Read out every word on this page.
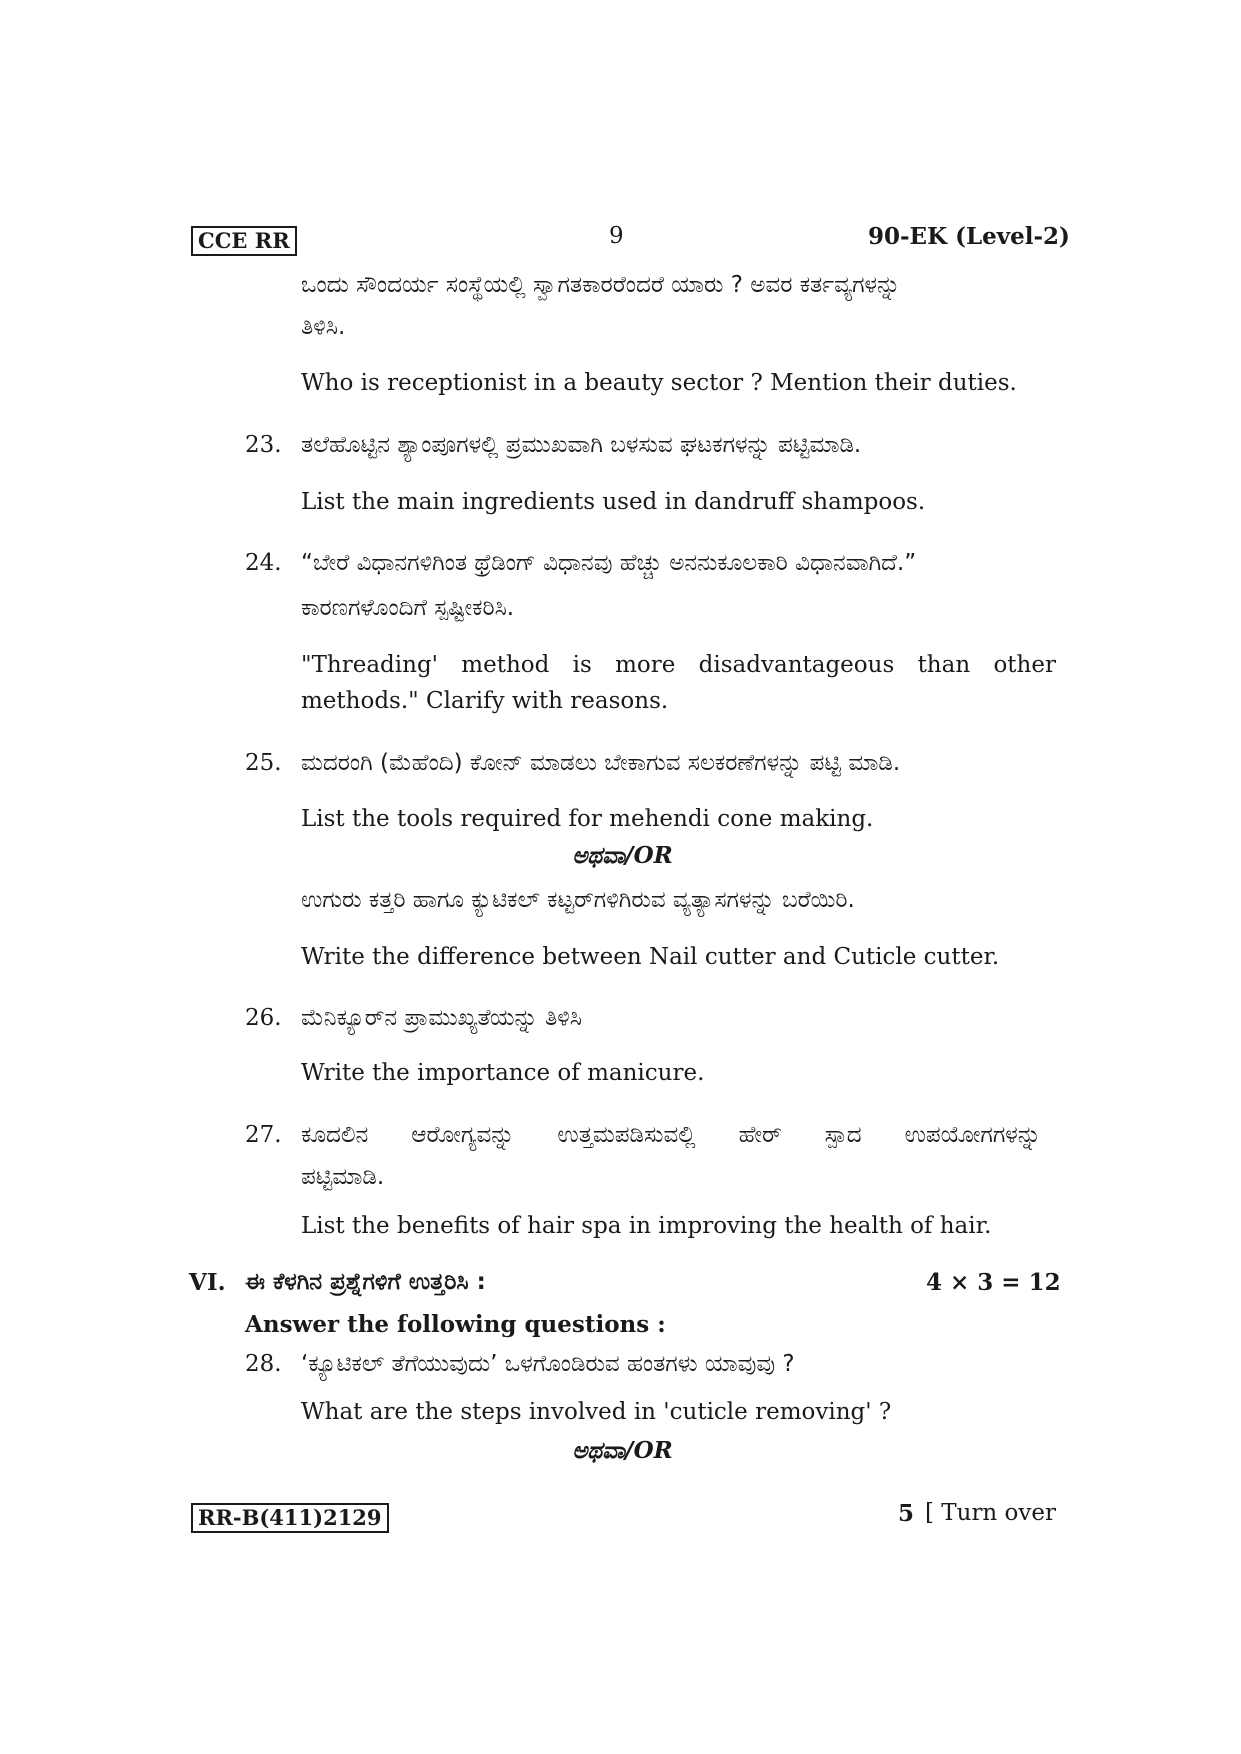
CCE RR	9	90-EK (Level-2)
ಒಂದು ಸೌಂದರ್ಯ ಸಂಸ್ಥೆಯಲ್ಲಿ ಸ್ವಾಗತಕಾರರೆಂದರೆ ಯಾರು ? ಅವರ ಕರ್ತವ್ಯಗಳನ್ನು
ತಿಳಿಸಿ.
Who is receptionist in a beauty sector ? Mention their duties.
23. ತಲೆಹೊಟ್ಟಿನ ಶ್ಯಾಂಪೂಗಳಲ್ಲಿ ಪ್ರಮುಖವಾಗಿ ಬಳಸುವ ಘಟಕಗಳನ್ನು ಪಟ್ಟಿಮಾಡಿ.
List the main ingredients used in dandruff shampoos.
24. “ಬೇರೆ ವಿಧಾನಗಳಿಗಿಂತ ಥ್ರೆಡಿಂಗ್ ವಿಧಾನವು ಹೆಚ್ಚು ಅನನುಕೂಲಕಾರಿ ವಿಧಾನವಾಗಿದೆ.”
ಕಾರಣಗಳೊಂದಿಗೆ ಸ್ಪಷ್ಟೀಕರಿಸಿ.
"Threading' method is more disadvantageous than other
methods." Clarify with reasons.
25. ಮದರಂಗಿ (ಮೆಹೆಂದಿ) ಕೋನ್ ಮಾಡಲು ಬೇಕಾಗುವ ಸಲಕರಣೆಗಳನ್ನು ಪಟ್ಟಿ ಮಾಡಿ.
List the tools required for mehendi cone making.
ಅಥವಾ/OR
ಉಗುರು ಕತ್ತರಿ ಹಾಗೂ ಕ್ಯುಟಿಕಲ್ ಕಟ್ಟರ್‌ಗಳಿಗಿರುವ ವ್ಯತ್ಯಾಸಗಳನ್ನು ಬರೆಯಿರಿ.
Write the difference between Nail cutter and Cuticle cutter.
26. ಮೆನಿಕ್ಯೂರ್‌ನ ಪ್ರಾಮುಖ್ಯತೆಯನ್ನು ತಿಳಿಸಿ
Write the importance of manicure.
27. ಕೂದಲಿನ ಆರೋಗ್ಯವನ್ನು ಉತ್ತಮಪಡಿಸುವಲ್ಲಿ ಹೇರ್ ಸ್ಪಾದ ಉಪಯೋಗಗಳನ್ನು
ಪಟ್ಟಿಮಾಡಿ.
List the benefits of hair spa in improving the health of hair.
VI. ಈ ಕೆಳಗಿನ ಪ್ರಶ್ನೆಗಳಿಗೆ ಉತ್ತರಿಸಿ :	4 × 3 = 12
Answer the following questions :
28. ‘ಕ್ಯೂಟಿಕಲ್ ತೆಗೆಯುವುದು’ ಒಳಗೊಂಡಿರುವ ಹಂತಗಳು ಯಾವುವು ?
What are the steps involved in 'cuticle removing' ?
ಅಥವಾ/OR
RR-B(411)2129	5 [ Turn over
